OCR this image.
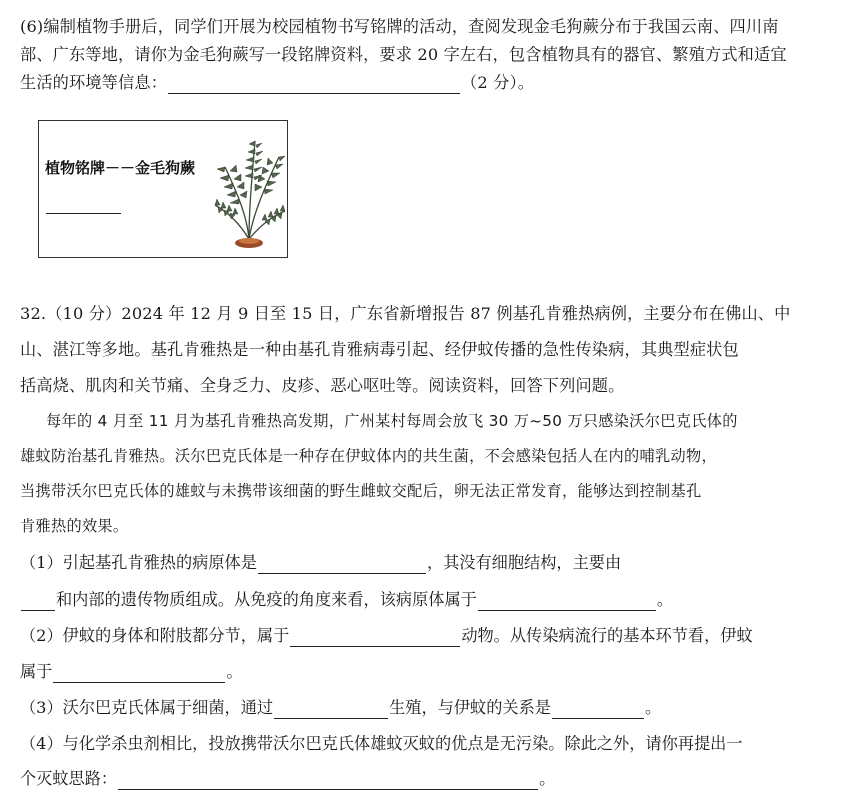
(6)编制植物手册后，同学们开展为校园植物书写铭牌的活动，查阅发现金毛狗蕨分布于我国云南、四川南
部、广东等地，请你为金毛狗蕨写一段铭牌资料，要求 20 字左右，包含植物具有的器官、繁殖方式和适宜
生活的环境等信息：	（2 分）。
植物铭牌－－金毛狗蕨
32.（10 分）2024 年 12 月 9 日至 15 日，广东省新增报告 87 例基孔肯雅热病例，主要分布在佛山、中
山、湛江等多地。基孔肯雅热是一种由基孔肯雅病毒引起、经伊蚊传播的急性传染病，其典型症状包
括高烧、肌肉和关节痛、全身乏力、皮疹、恶心呕吐等。阅读资料，回答下列问题。
每年的 4 月至 11 月为基孔肯雅热高发期，广州某村每周会放飞 30 万~50 万只感染沃尔巴克氏体的
雄蚊防治基孔肯雅热。沃尔巴克氏体是一种存在伊蚊体内的共生菌，不会感染包括人在内的哺乳动物，
当携带沃尔巴克氏体的雄蚊与未携带该细菌的野生雌蚊交配后，卵无法正常发育，能够达到控制基孔
肯雅热的效果。
（1）引起基孔肯雅热的病原体是	，其没有细胞结构，主要由
和内部的遗传物质组成。从免疫的角度来看，该病原体属于	。
（2）伊蚊的身体和附肢都分节，属于	动物。从传染病流行的基本环节看，伊蚊
属于	。
（3）沃尔巴克氏体属于细菌，通过	生殖，与伊蚊的关系是	。
（4）与化学杀虫剂相比，投放携带沃尔巴克氏体雄蚊灭蚊的优点是无污染。除此之外，请你再提出一
个灭蚊思路：	。
